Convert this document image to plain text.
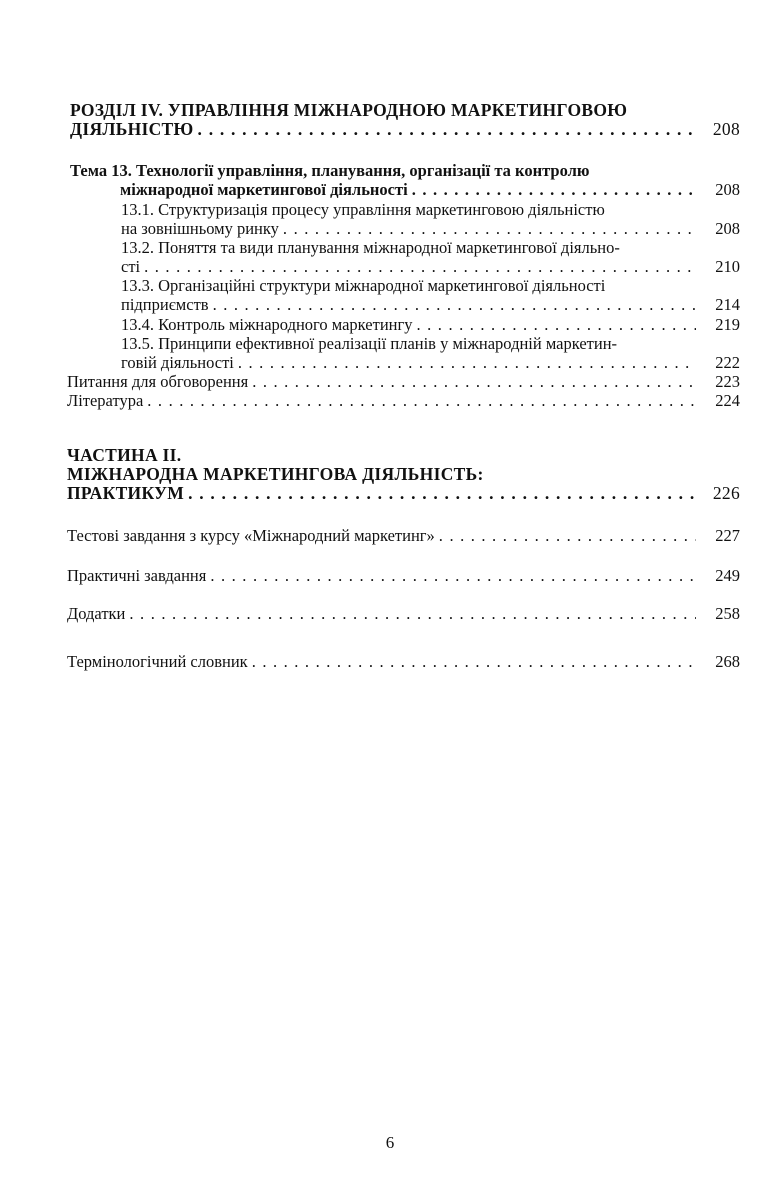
РОЗДІЛ IV. УПРАВЛІННЯ МІЖНАРОДНОЮ МАРКЕТИНГОВОЮ
ДІЯЛЬНІСТЮ . . .	208
Тема 13. Технології управління, планування, організації та контролю
міжнародної маркетингової діяльності . . .	208
13.1. Структуризація процесу управління маркетинговою діяльністю
на зовнішньому ринку . . .	208
13.2. Поняття та види планування міжнародної маркетингової діяльно-
сті . . .	210
13.3. Організаційні структури міжнародної маркетингової діяльності
підприємств . . .	214
13.4. Контроль міжнародного маркетингу . . .	219
13.5. Принципи ефективної реалізації планів у міжнародній маркетин-
говій діяльності . . .	222
Питання для обговорення . . .	223
Література . . .	224
ЧАСТИНА ІІ.
МІЖНАРОДНА МАРКЕТИНГОВА ДІЯЛЬНІСТЬ:
ПРАКТИКУМ . . .	226
Тестові завдання з курсу «Міжнародний маркетинг» . . .	227
Практичні завдання . . .	249
Додатки . . .	258
Термінологічний словник . . .	268
6
